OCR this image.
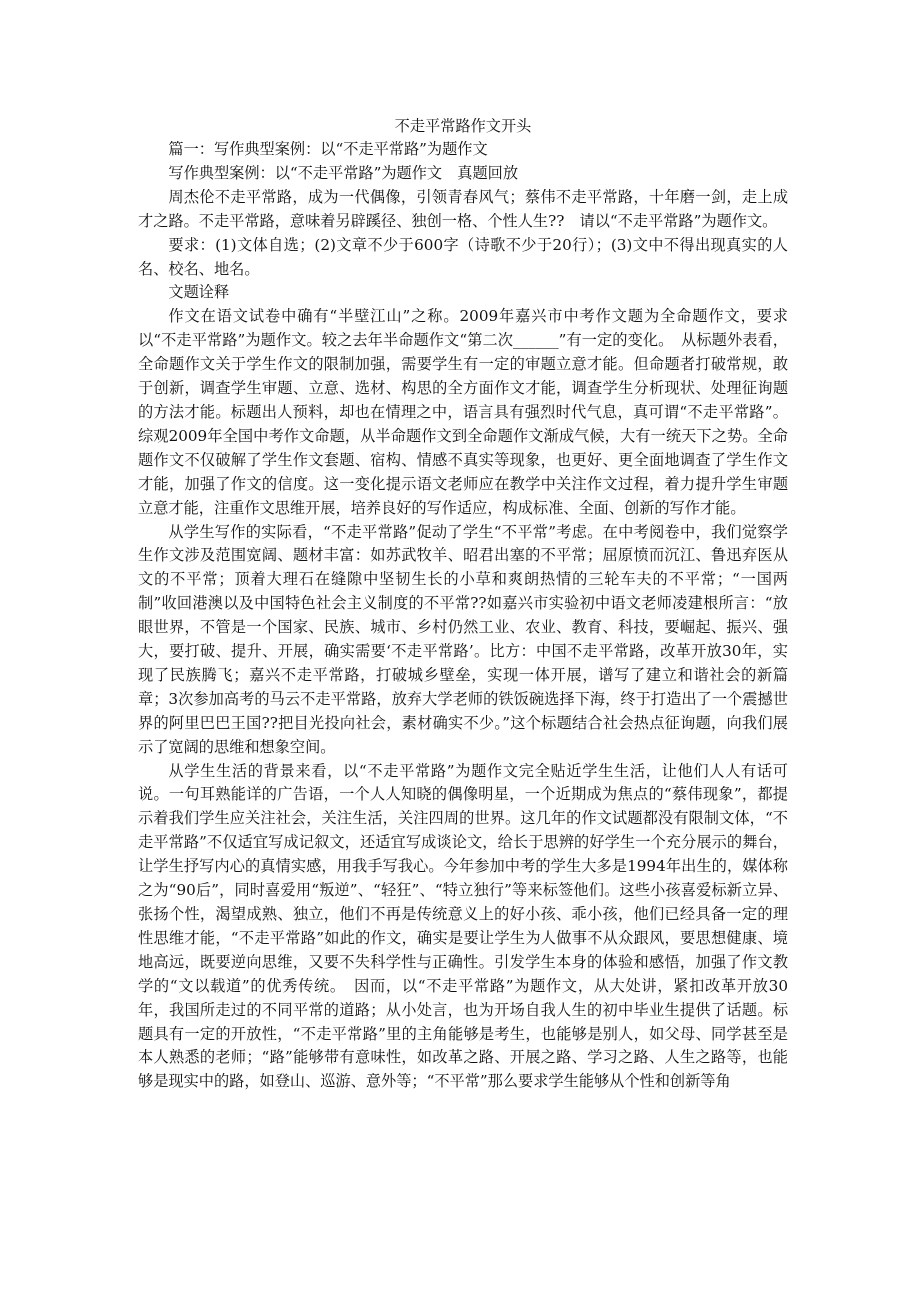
不走平常路作文开头

篇一：写作典型案例：以“不走平常路”为题作文

写作典型案例：以“不走平常路”为题作文　真题回放

周杰伦不走平常路，成为一代偶像，引领青春风气；蔡伟不走平常路，十年磨一剑，走上成才之路。不走平常路，意味着另辟蹊径、独创一格、个性人生??　请以“不走平常路”为题作文。

要求：(1)文体自选；(2)文章不少于600字（诗歌不少于20行）；(3)文中不得出现真实的人名、校名、地名。

文题诠释

作文在语文试卷中确有“半壁江山”之称。2009年嘉兴市中考作文题为全命题作文，要求以“不走平常路”为题作文。较之去年半命题作文“第二次______”有一定的变化。　从标题外表看，全命题作文关于学生作文的限制加强，需要学生有一定的审题立意才能。但命题者打破常规，敢于创新，调查学生审题、立意、选材、构思的全方面作文才能，调查学生分析现状、处理征询题的方法才能。标题出人预料，却也在情理之中，语言具有强烈时代气息，真可谓“不走平常路”。综观2009年全国中考作文命题，从半命题作文到全命题作文渐成气候，大有一统天下之势。全命题作文不仅破解了学生作文套题、宿构、情感不真实等现象，也更好、更全面地调查了学生作文才能，加强了作文的信度。这一变化提示语文老师应在教学中关注作文过程，着力提升学生审题立意才能，注重作文思维开展，培养良好的写作适应，构成标准、全面、创新的写作才能。

从学生写作的实际看，“不走平常路”促动了学生“不平常”考虑。在中考阅卷中，我们觉察学生作文涉及范围宽阔、题材丰富：如苏武牧羊、昭君出塞的不平常；屈原愤而沉江、鲁迅弃医从文的不平常；顶着大理石在缝隙中坚韧生长的小草和爽朗热情的三轮车夫的不平常；“一国两制”收回港澳以及中国特色社会主义制度的不平常??如嘉兴市实验初中语文老师凌建根所言：“放眼世界，不管是一个国家、民族、城市、乡村仍然工业、农业、教育、科技，要崛起、振兴、强大，要打破、提升、开展，确实需要‘不走平常路’。比方：中国不走平常路，改革开放30年，实现了民族腾飞；嘉兴不走平常路，打破城乡壁垒，实现一体开展，谱写了建立和谐社会的新篇章；3次参加高考的马云不走平常路，放弃大学老师的铁饭碗选择下海，终于打造出了一个震撼世界的阿里巴巴王国??把目光投向社会，素材确实不少。”这个标题结合社会热点征询题，向我们展示了宽阔的思维和想象空间。

从学生生活的背景来看，以“不走平常路”为题作文完全贴近学生生活，让他们人人有话可说。一句耳熟能详的广告语，一个人人知晓的偶像明星，一个近期成为焦点的“蔡伟现象”，都提示着我们学生应关注社会，关注生活，关注四周的世界。这几年的作文试题都没有限制文体，“不走平常路”不仅适宜写成记叙文，还适宜写成谈论文，给长于思辨的好学生一个充分展示的舞台，让学生抒写内心的真情实感，用我手写我心。今年参加中考的学生大多是1994年出生的，媒体称之为“90后”，同时喜爱用“叛逆”、“轻狂”、“特立独行”等来标签他们。这些小孩喜爱标新立异、张扬个性，渴望成熟、独立，他们不再是传统意义上的好小孩、乖小孩，他们已经具备一定的理性思维才能，“不走平常路”如此的作文，确实是要让学生为人做事不从众跟风，要思想健康、境地高远，既要逆向思维，又要不失科学性与正确性。引发学生本身的体验和感悟，加强了作文教学的“文以载道”的优秀传统。　因而，以“不走平常路”为题作文，从大处讲，紧扣改革开放30年，我国所走过的不同平常的道路；从小处言，也为开场自我人生的初中毕业生提供了话题。标题具有一定的开放性，“不走平常路”里的主角能够是考生，也能够是别人，如父母、同学甚至是本人熟悉的老师；“路”能够带有意味性，如改革之路、开展之路、学习之路、人生之路等，也能够是现实中的路，如登山、巡游、意外等；“不平常”那么要求学生能够从个性和创新等角
